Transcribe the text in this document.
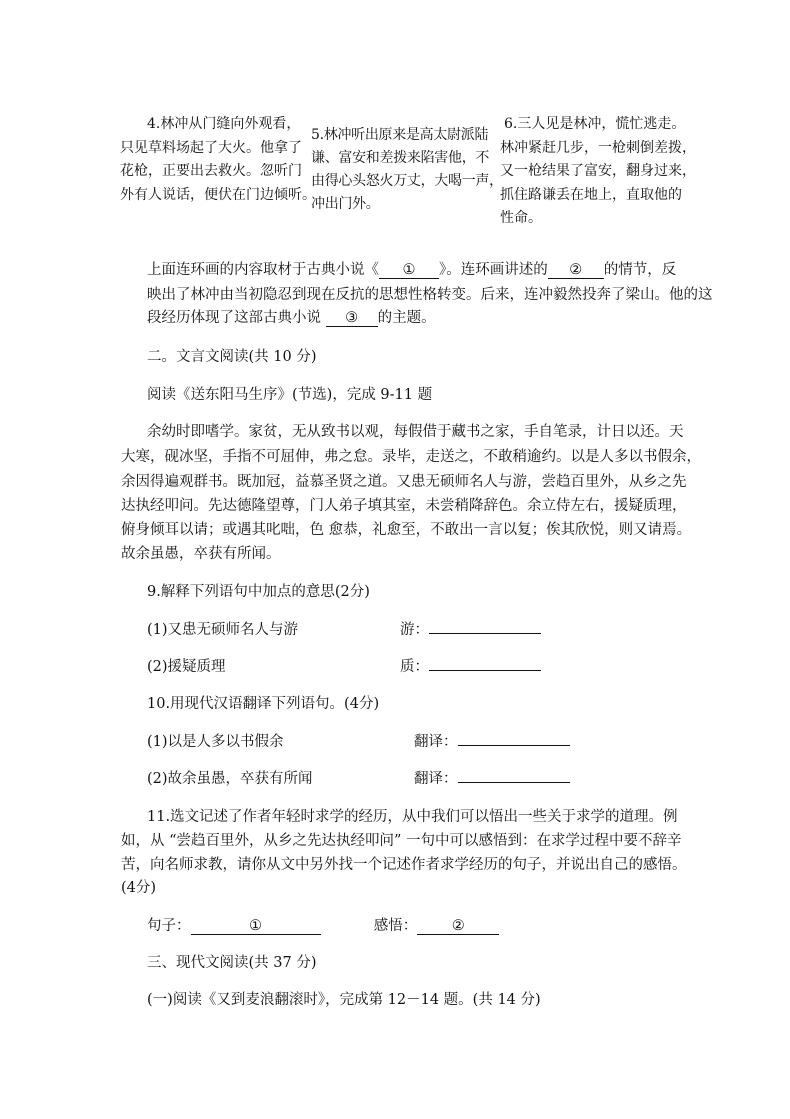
4.林冲从门缝向外观看，
只见草料场起了大火。他拿了
花枪，正要出去救火。忽听门
外有人说话，便伏在门边倾听。
5.林冲听出原来是高太尉派陆
谦、富安和差拨来陷害他，不
由得心头怒火万丈，大喝一声，
冲出门外。
6.三人见是林冲，慌忙逃走。
林冲紧赶几步，一枪刺倒差拨，
又一枪结果了富安，翻身过来，
抓住路谦丢在地上，直取他的
性命。
上面连环画的内容取材于古典小说《 ① 》。连环画讲述的 ② 的情节，反
映出了林冲由当初隐忍到现在反抗的思想性格转变。后来，连冲毅然投奔了梁山。他的这
段经历体现了这部古典小说 ③ 的主题。
二。文言文阅读(共 10 分)
阅读《送东阳马生序》(节选)，完成 9-11 题
余幼时即嗜学。家贫，无从致书以观，每假借于藏书之家，手自笔录，计日以还。天
大寒，砚冰坚，手指不可屈伸，弗之怠。录毕，走送之，不敢稍逾约。以是人多以书假余，
余因得遍观群书。既加冠，益慕圣贤之道。又患无硕师名人与游，尝趋百里外，从乡之先
达执经叩问。先达德隆望尊，门人弟子填其室，未尝稍降辞色。余立侍左右，援疑质理，
俯身倾耳以请；或遇其叱咄，色 愈恭，礼愈至，不敢出一言以复；俟其欣悦，则又请焉。
故余虽愚，卒获有所闻。
9.解释下列语句中加点的意思(2分)
(1)又患无硕师名人与游	游：
(2)援疑质理	质：
10.用现代汉语翻译下列语句。(4分)
(1)以是人多以书假余	翻译：
(2)故余虽愚，卒获有所闻	翻译：
11.选文记述了作者年轻时求学的经历，从中我们可以悟出一些关于求学的道理。例
如，从 “尝趋百里外，从乡之先达执经叩问” 一句中可以感悟到：在求学过程中要不辞辛
苦，向名师求教，请你从文中另外找一个记述作者求学经历的句子，并说出自己的感悟。
(4分)
句子：	①	感悟： ②
三、现代文阅读(共 37 分)
(一)阅读《又到麦浪翻滚时》，完成第 12－14 题。(共 14 分)
